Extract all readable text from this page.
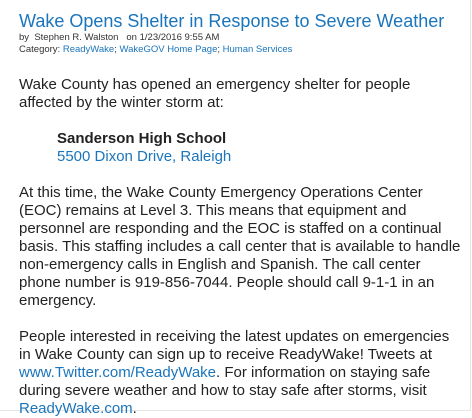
Wake Opens Shelter in Response to Severe Weather
by Stephen R. Walston on 1/23/2016 9:55 AM
Category: ReadyWake; WakeGOV Home Page; Human Services

Wake County has opened an emergency shelter for people affected by the winter storm at:

Sanderson High School
5500 Dixon Drive, Raleigh

At this time, the Wake County Emergency Operations Center (EOC) remains at Level 3. This means that equipment and personnel are responding and the EOC is staffed on a continual basis. This staffing includes a call center that is available to handle non-emergency calls in English and Spanish. The call center phone number is 919-856-7044. People should call 9-1-1 in an emergency.

People interested in receiving the latest updates on emergencies in Wake County can sign up to receive ReadyWake! Tweets at www.Twitter.com/ReadyWake. For information on staying safe during severe weather and how to stay safe after storms, visit ReadyWake.com.
